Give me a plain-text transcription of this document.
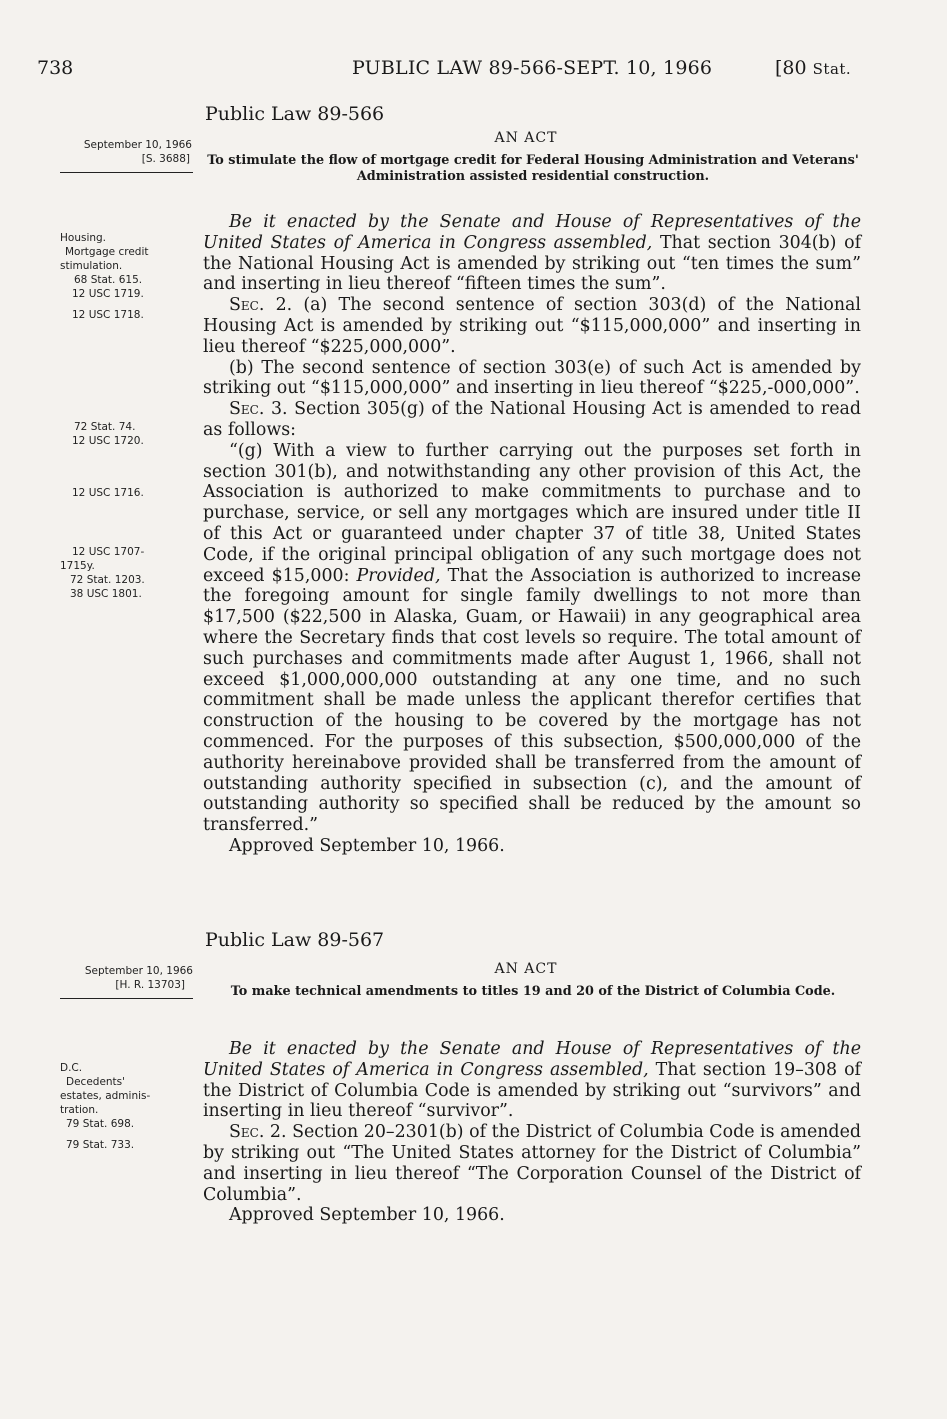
738	PUBLIC LAW 89-566-SEPT. 10, 1966	[80 Stat.
Public Law 89-566
AN ACT
September 10, 1966
[S. 3688]	To stimulate the flow of mortgage credit for Federal Housing Administration and Veterans' Administration assisted residential construction.
Housing.
Mortgage credit
stimulation.
68 Stat. 615.
12 USC 1719.
12 USC 1718.
72 Stat. 74.
12 USC 1720.
12 USC 1716.
12 USC 1707-
1715y.
72 Stat. 1203.
38 USC 1801.

Be it enacted by the Senate and House of Representatives of the United States of America in Congress assembled, That section 304(b) of the National Housing Act is amended by striking out “ten times the sum” and inserting in lieu thereof “fifteen times the sum”.

Sec. 2. (a) The second sentence of section 303(d) of the National Housing Act is amended by striking out “$115,000,000” and inserting in lieu thereof “$225,000,000”.

(b) The second sentence of section 303(e) of such Act is amended by striking out “$115,000,000” and inserting in lieu thereof “$225,-000,000”.

Sec. 3. Section 305(g) of the National Housing Act is amended to read as follows:

“(g) With a view to further carrying out the purposes set forth in section 301(b), and notwithstanding any other provision of this Act, the Association is authorized to make commitments to purchase and to purchase, service, or sell any mortgages which are insured under title II of this Act or guaranteed under chapter 37 of title 38, United States Code, if the original principal obligation of any such mortgage does not exceed $15,000: Provided, That the Association is authorized to increase the foregoing amount for single family dwellings to not more than $17,500 ($22,500 in Alaska, Guam, or Hawaii) in any geographical area where the Secretary finds that cost levels so require. The total amount of such purchases and commitments made after August 1, 1966, shall not exceed $1,000,000,000 outstanding at any one time, and no such commitment shall be made unless the applicant therefor certifies that construction of the housing to be covered by the mortgage has not commenced. For the purposes of this subsection, $500,000,000 of the authority hereinabove provided shall be transferred from the amount of outstanding authority specified in subsection (c), and the amount of outstanding authority so specified shall be reduced by the amount so transferred.”

Approved September 10, 1966.

Public Law 89-567
AN ACT
September 10, 1966
[H. R. 13703]	To make technical amendments to titles 19 and 20 of the District of Columbia Code.
D.C.
Decedents'
estates, adminis-
tration.
79 Stat. 698.
79 Stat. 733.

Be it enacted by the Senate and House of Representatives of the United States of America in Congress assembled, That section 19–308 of the District of Columbia Code is amended by striking out “survivors” and inserting in lieu thereof “survivor”.

Sec. 2. Section 20–2301(b) of the District of Columbia Code is amended by striking out “The United States attorney for the District of Columbia” and inserting in lieu thereof “The Corporation Counsel of the District of Columbia”.

Approved September 10, 1966.
